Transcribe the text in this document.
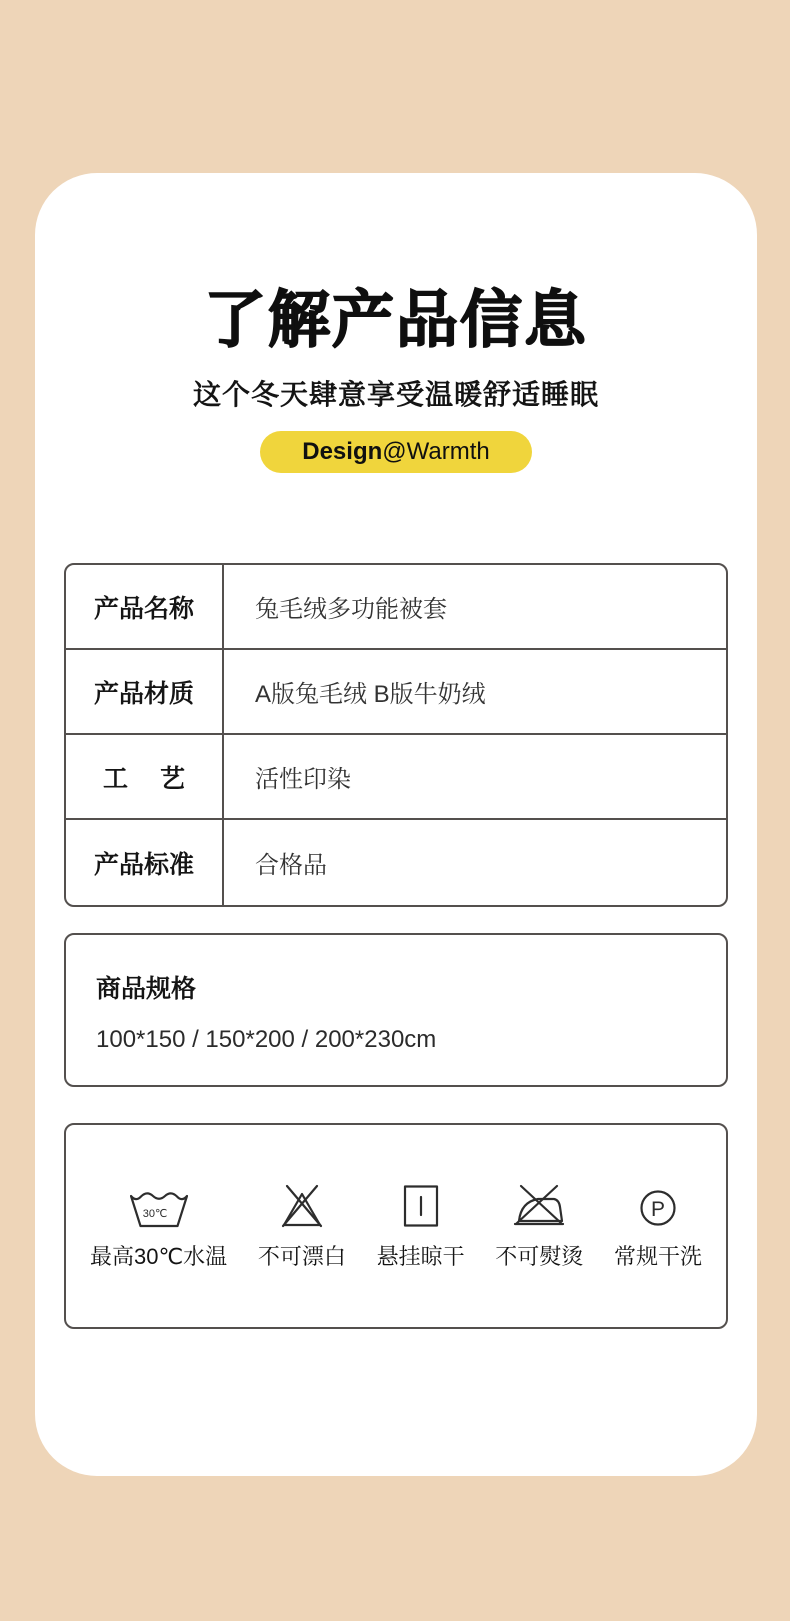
了解产品信息
这个冬天肆意享受温暖舒适睡眠
Design@Warmth
产品名称	兔毛绒多功能被套
产品材质	A版兔毛绒 B版牛奶绒
工 　艺	活性印染
产品标准	合格品
商品规格
100*150 / 150*200 / 200*230cm
30℃
最高30℃水温 不可漂白 悬挂晾干 不可熨烫
P
常规干洗
